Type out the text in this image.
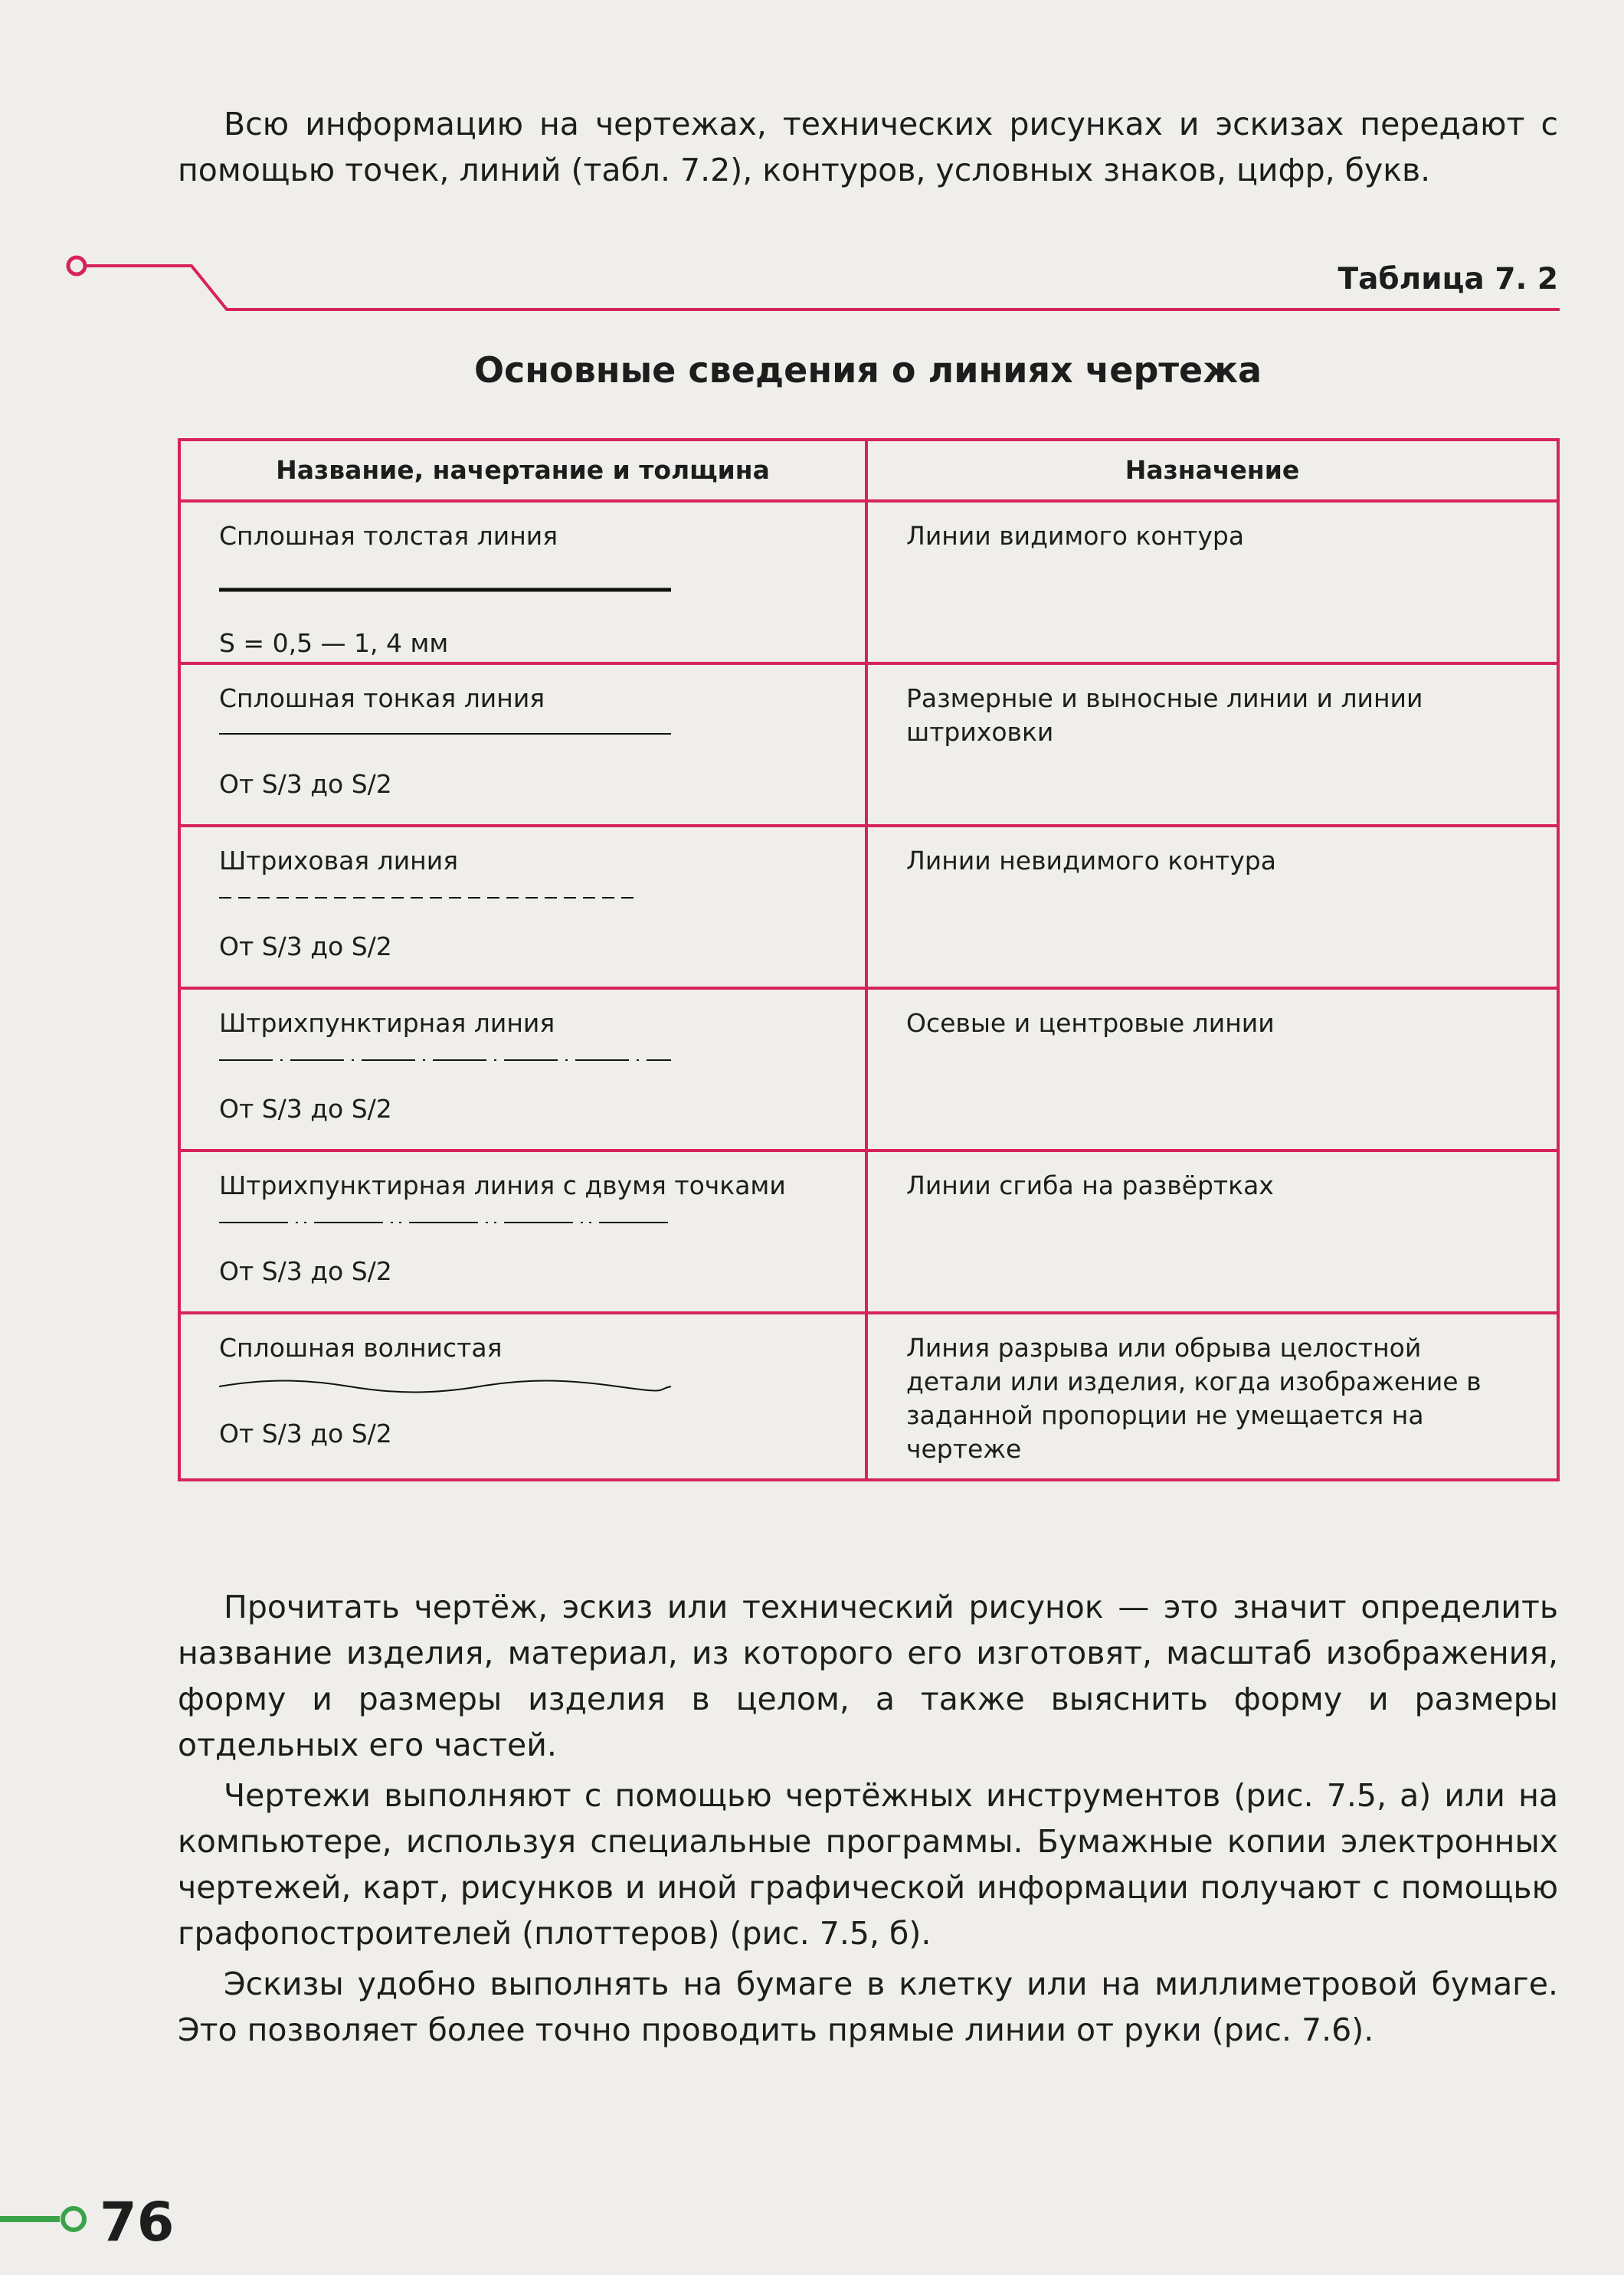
Всю информацию на чертежах, технических рисунках и эскизах передают с помощью точек, линий (табл. 7.2), контуров, условных знаков, цифр, букв.

Таблица 7. 2
Основные сведения о линиях чертежа
Название, начертание и толщина	Назначение

Сплошная толстая линия
S = 0,5 — 1, 4 мм	Линии видимого контура

Сплошная тонкая линия
От S/3 до S/2	Размерные и выносные линии и линии штриховки

Штриховая линия
От S/3 до S/2	Линии невидимого контура

Штрихпунктирная линия
От S/3 до S/2	Осевые и центровые линии

Штрихпунктирная линия с двумя точками
От S/3 до S/2	Линии сгиба на развёртках

Сплошная волнистая
От S/3 до S/2	Линия разрыва или обрыва целостной детали или изделия, когда изображение в заданной пропорции не умещается на чертеже

Прочитать чертёж, эскиз или технический рисунок — это значит определить название изделия, материал, из которого его изготовят, масштаб изображения, форму и размеры изделия в целом, а также выяснить форму и размеры отдельных его частей.

Чертежи выполняют с помощью чертёжных инструментов (рис. 7.5, а) или на компьютере, используя специальные программы. Бумажные копии электронных чертежей, карт, рисунков и иной графической информации получают с помощью графопостроителей (плоттеров) (рис. 7.5, б).

Эскизы удобно выполнять на бумаге в клетку или на миллиметровой бумаге. Это позволяет более точно проводить прямые линии от руки (рис. 7.6).

76
